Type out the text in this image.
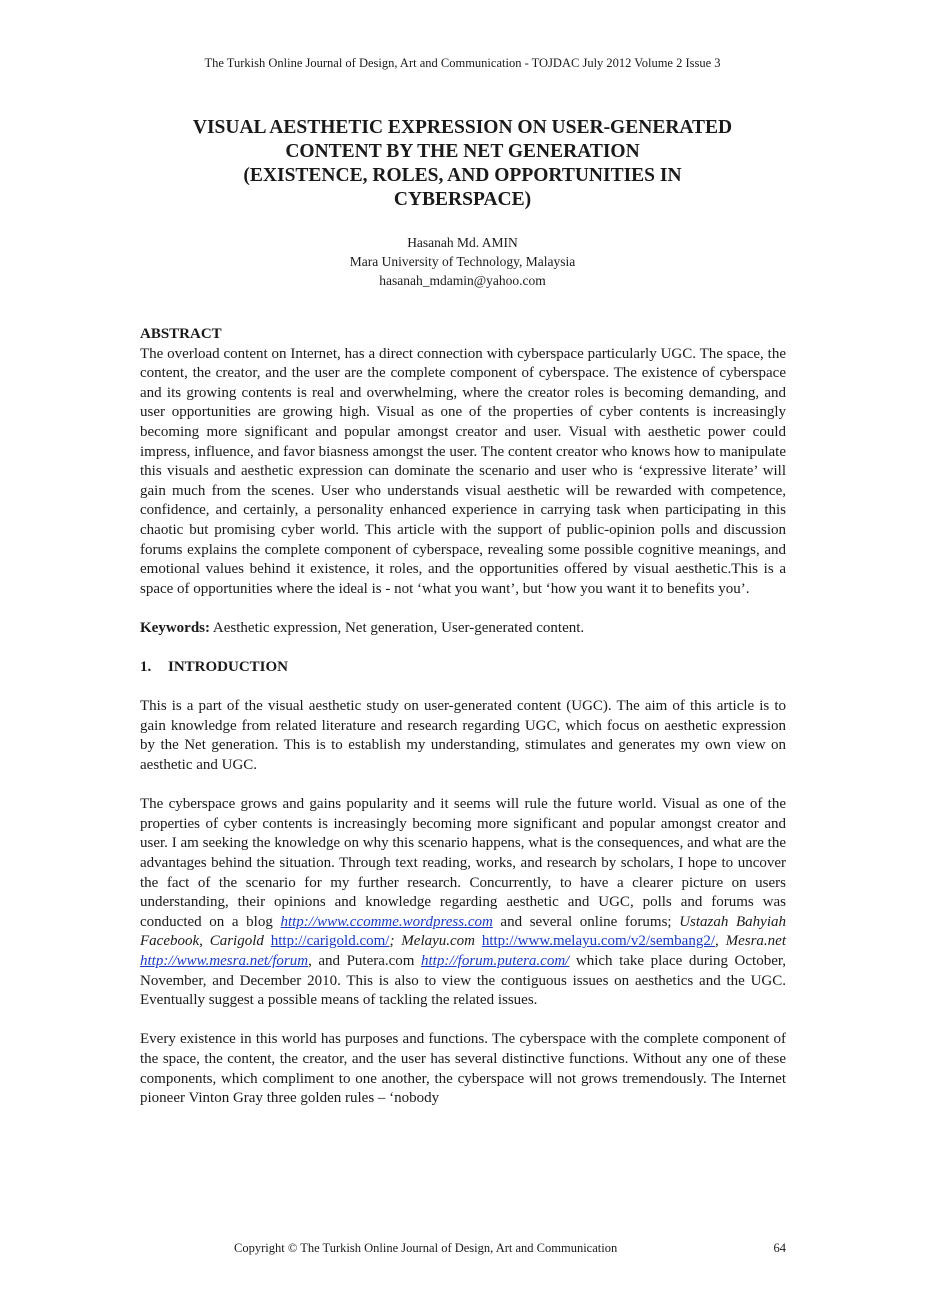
The Turkish Online Journal of Design, Art and Communication - TOJDAC July 2012 Volume 2 Issue 3
VISUAL AESTHETIC EXPRESSION ON USER-GENERATED
CONTENT BY THE NET GENERATION
(EXISTENCE, ROLES, AND OPPORTUNITIES IN
CYBERSPACE)
Hasanah Md. AMIN
Mara University of Technology, Malaysia
hasanah_mdamin@yahoo.com
ABSTRACT

The overload content on Internet, has a direct connection with cyberspace particularly UGC. The space, the content, the creator, and the user are the complete component of cyberspace. The existence of cyberspace and its growing contents is real and overwhelming, where the creator roles is becoming demanding, and user opportunities are growing high. Visual as one of the properties of cyber contents is increasingly becoming more significant and popular amongst creator and user. Visual with aesthetic power could impress, influence, and favor biasness amongst the user. The content creator who knows how to manipulate this visuals and aesthetic expression can dominate the scenario and user who is ‘expressive literate’ will gain much from the scenes. User who understands visual aesthetic will be rewarded with competence, confidence, and certainly, a personality enhanced experience in carrying task when participating in this chaotic but promising cyber world. This article with the support of public-opinion polls and discussion forums explains the complete component of cyberspace, revealing some possible cognitive meanings, and emotional values behind it existence, it roles, and the opportunities offered by visual aesthetic.This is a space of opportunities where the ideal is - not ‘what you want’, but ‘how you want it to benefits you’.

Keywords: Aesthetic expression, Net generation, User-generated content.

1. INTRODUCTION

This is a part of the visual aesthetic study on user-generated content (UGC). The aim of this article is to gain knowledge from related literature and research regarding UGC, which focus on aesthetic expression by the Net generation. This is to establish my understanding, stimulates and generates my own view on aesthetic and UGC.

The cyberspace grows and gains popularity and it seems will rule the future world. Visual as one of the properties of cyber contents is increasingly becoming more significant and popular amongst creator and user. I am seeking the knowledge on why this scenario happens, what is the consequences, and what are the advantages behind the situation. Through text reading, works, and research by scholars, I hope to uncover the fact of the scenario for my further research. Concurrently, to have a clearer picture on users understanding, their opinions and knowledge regarding aesthetic and UGC, polls and forums was conducted on a blog http://www.ccomme.wordpress.com and several online forums; Ustazah Bahyiah Facebook, Carigold http://carigold.com/; Melayu.com http://www.melayu.com/v2/sembang2/, Mesra.net http://www.mesra.net/forum, and Putera.com http://forum.putera.com/ which take place during October, November, and December 2010. This is also to view the contiguous issues on aesthetics and the UGC. Eventually suggest a possible means of tackling the related issues.

Every existence in this world has purposes and functions. The cyberspace with the complete component of the space, the content, the creator, and the user has several distinctive functions. Without any one of these components, which compliment to one another, the cyberspace will not grows tremendously. The Internet pioneer Vinton Gray three golden rules – ‘nobody

Copyright © The Turkish Online Journal of Design, Art and Communication	64
